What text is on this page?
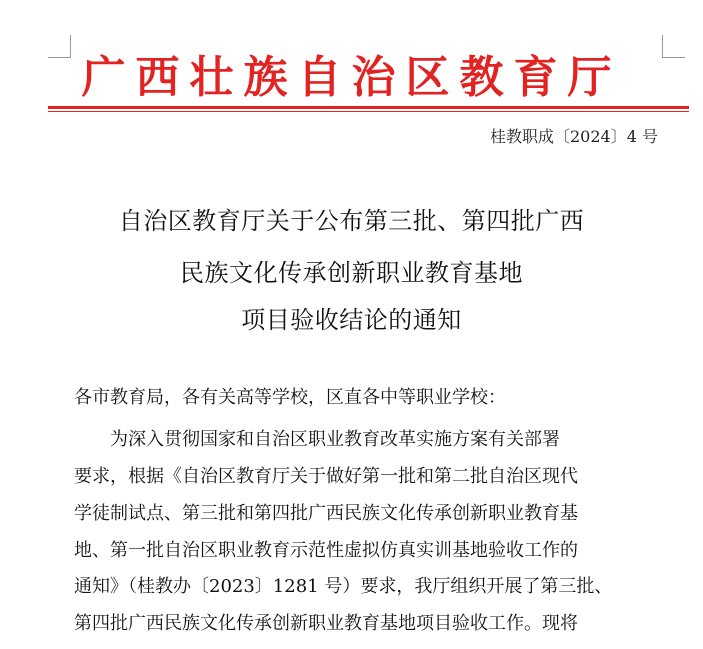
广西壮族自治区教育厅
桂教职成〔2024〕4 号
自治区教育厅关于公布第三批、第四批广西
民族文化传承创新职业教育基地
项目验收结论的通知
各市教育局，各有关高等学校，区直各中等职业学校：
　　为深入贯彻国家和自治区职业教育改革实施方案有关部署
要求，根据《自治区教育厅关于做好第一批和第二批自治区现代
学徒制试点、第三批和第四批广西民族文化传承创新职业教育基
地、第一批自治区职业教育示范性虚拟仿真实训基地验收工作的
通知》（桂教办〔2023〕1281 号）要求，我厅组织开展了第三批、
第四批广西民族文化传承创新职业教育基地项目验收工作。现将
